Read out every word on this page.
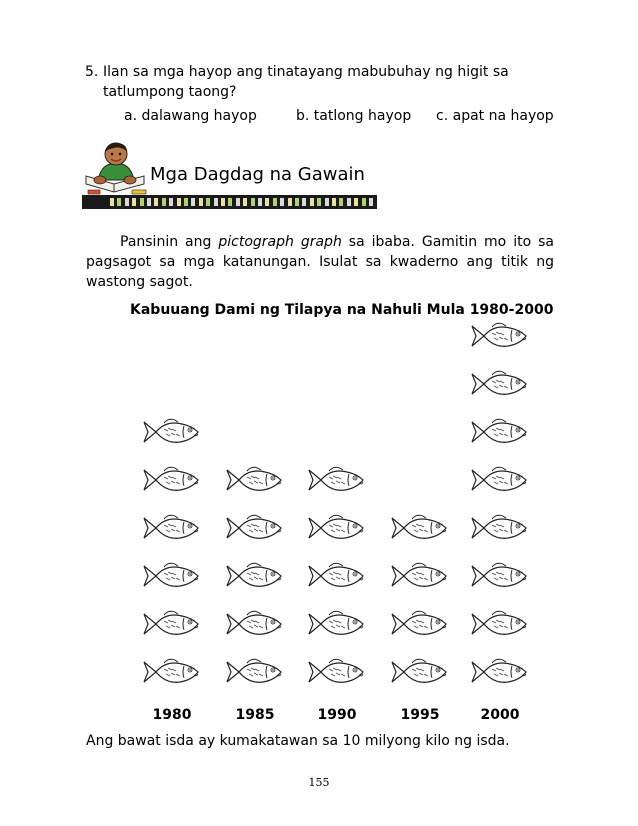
5. Ilan sa mga hayop ang tinatayang mabubuhay ng higit sa tatlumpong taong?
a. dalawang hayop	b. tatlong hayop	c. apat na hayop
Mga Dagdag na Gawain
Pansinin ang pictograph graph sa ibaba. Gamitin mo ito sa pagsagot sa mga katanungan. Isulat sa kwaderno ang titik ng wastong sagot.
Kabuuang Dami ng Tilapya na Nahuli Mula 1980-2000
1980	1985	1990	1995	2000
Ang bawat isda ay kumakatawan sa 10 milyong kilo ng isda.
155
